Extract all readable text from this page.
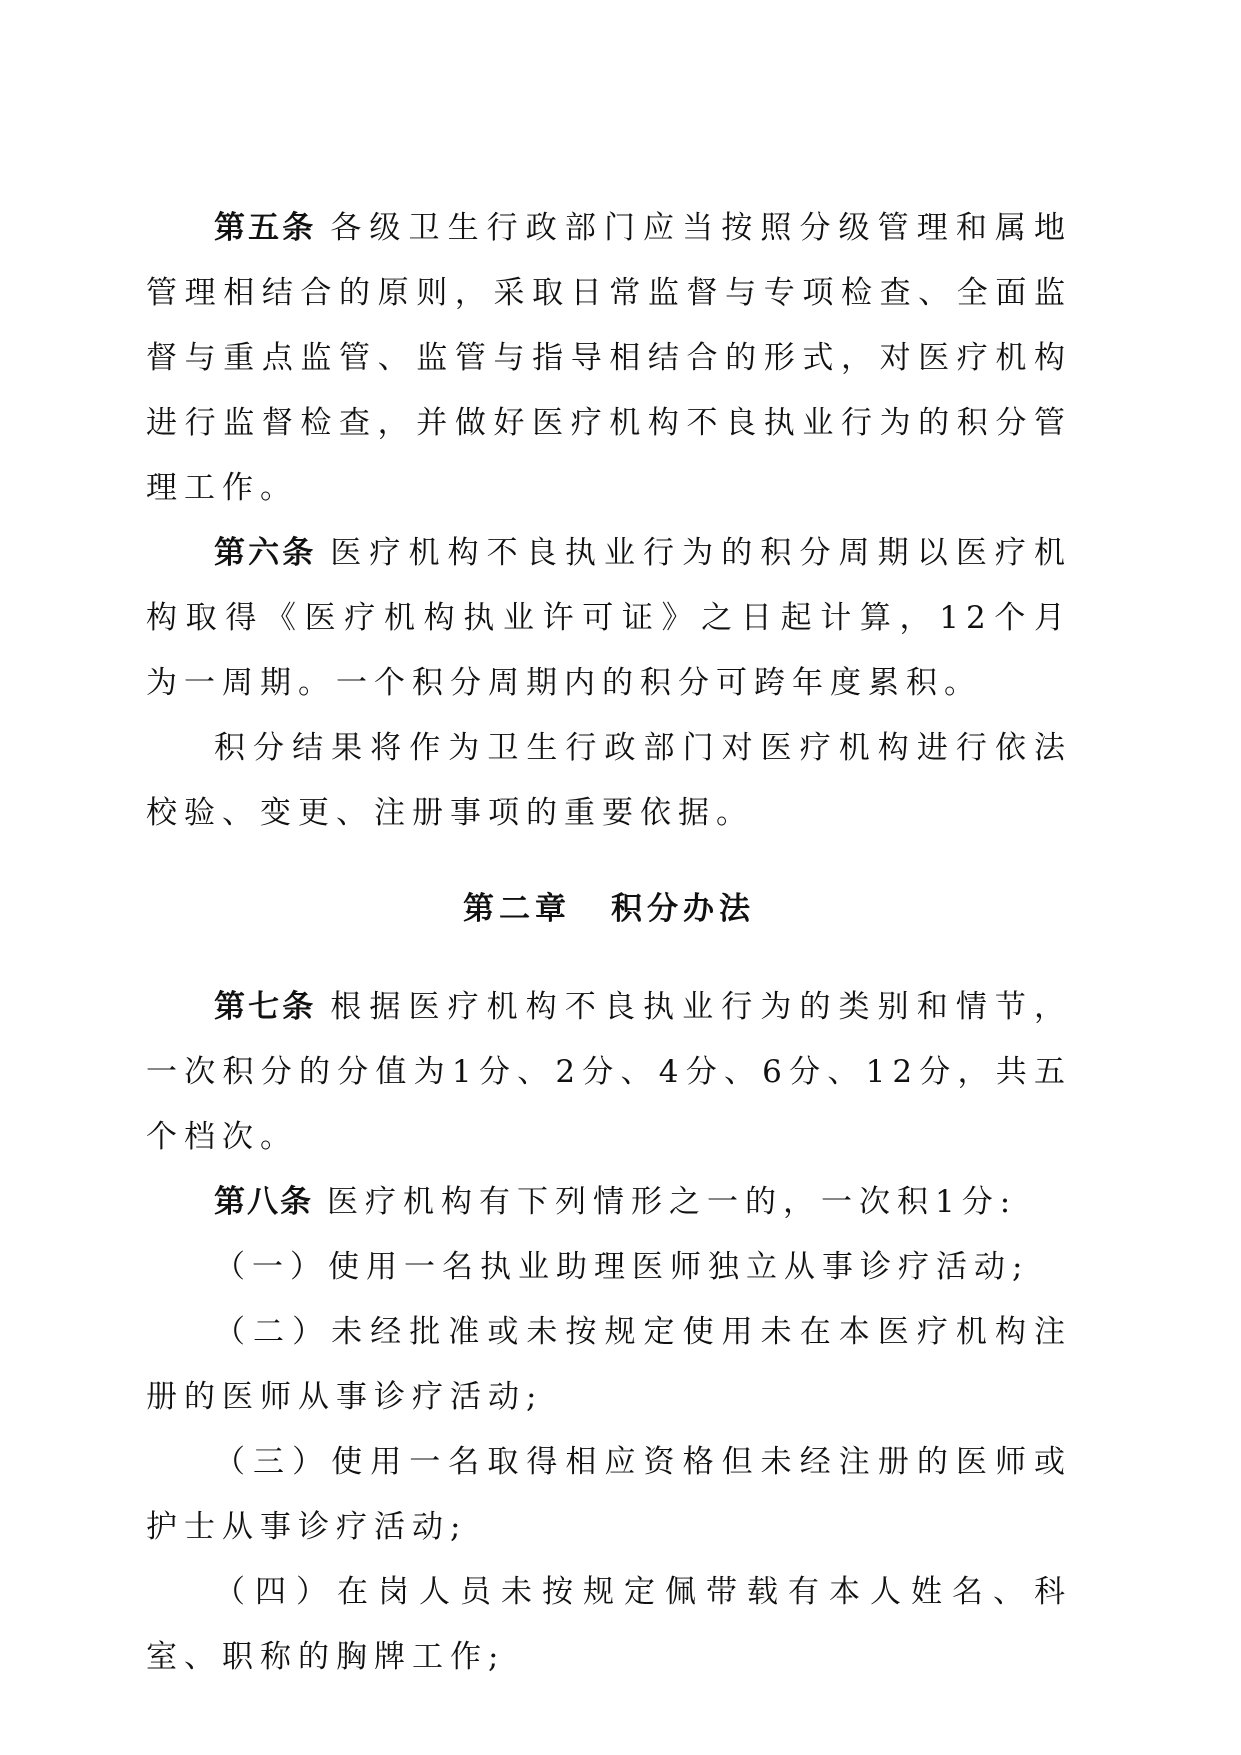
第五条 各级卫生行政部门应当按照分级管理和属地管理相结合的原则，采取日常监督与专项检查、全面监督与重点监管、监管与指导相结合的形式，对医疗机构进行监督检查，并做好医疗机构不良执业行为的积分管理工作。

第六条 医疗机构不良执业行为的积分周期以医疗机构取得《医疗机构执业许可证》之日起计算，12个月为一周期。一个积分周期内的积分可跨年度累积。

积分结果将作为卫生行政部门对医疗机构进行依法校验、变更、注册事项的重要依据。

第二章 积分办法

第七条 根据医疗机构不良执业行为的类别和情节，一次积分的分值为1分、2分、4分、6分、12分，共五个档次。

第八条 医疗机构有下列情形之一的，一次积1分:

（一）使用一名执业助理医师独立从事诊疗活动;

（二）未经批准或未按规定使用未在本医疗机构注册的医师从事诊疗活动;

（三）使用一名取得相应资格但未经注册的医师或护士从事诊疗活动;

（四）在岗人员未按规定佩带载有本人姓名、科室、职称的胸牌工作;
